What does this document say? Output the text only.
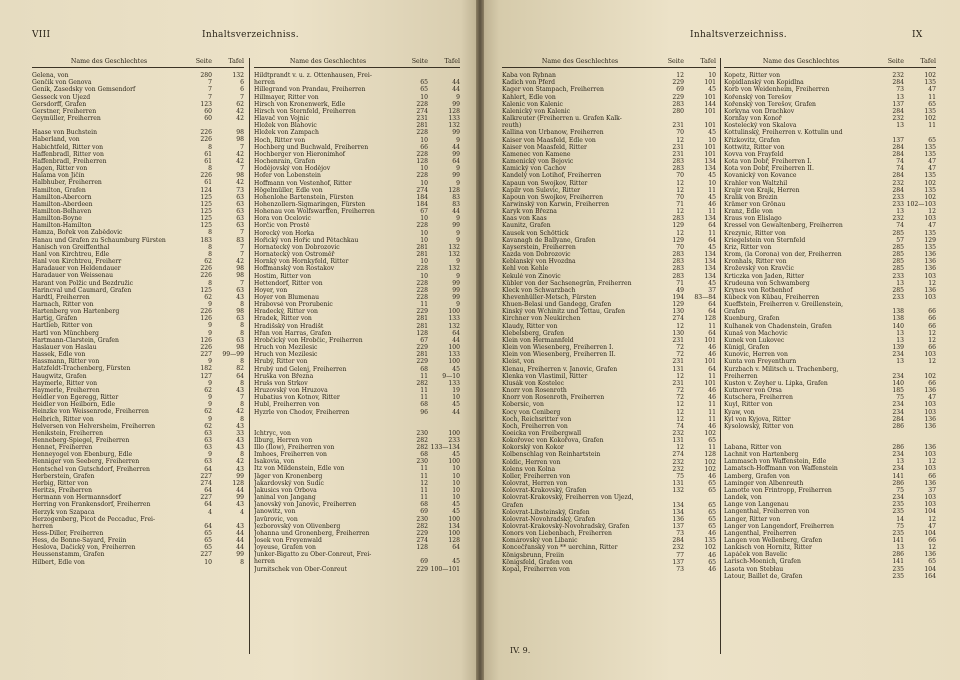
VIII	Inhaltsverzeichniss.
Name des Geschlechtes	Seite	Tafel
Gelena, von	280	132
Genčik von Genova	7	6
Genik, Zasedsky von Gemsendorf	7	6
Gesseck von Újezd	7	7
Gersdorff, Grafen	123	62
Gerstner, Freiherren	60	42
Geymüller, Freiherren	60	42
Haase von Buchstein	226	98
Haberland, von	226	98
Habichtfeld, Ritter von	8	7
Haffenbradl, Ritter von	61	42
Haffenbradl, Freiherren	61	42
Hagen, Ritter von	8	7
Halama von Jičín	226	98
Halbhuber, Freiherren	61	42
Hamilton, Grafen	124	73
Hamilton-Abercorn	125	63
Hamilton-Aberdeen	125	63
Hamilton-Belhaven	125	63
Hamilton-Boyne	125	63
Hamilton-Hamilton	125	63
Hamza, Bořek von Zabědovic	8	7
Hanau und Grafen zu Schaumburg Fürsten	183	83
Hanisch von Greiffenthal	8	7
Hanl von Kirchtreu, Edle	8	7
Hanl von Kirchtreu, Freiherr	62	42
Haradauer von Heldendauer	226	98
Haradauer von Weissenau	226	98
Harant von Polžic und Bezdružic	8	7
Harincval und Caumard, Grafen	125	63
Hardtl, Freiherren	62	43
Harnach, Ritter von	9	8
Hartenberg von Hartenberg	226	98
Hartig, Grafen	126	63
Hartlieb, Ritter von	9	8
Hartl von Münchberg	9	8
Hartmann-Clarstein, Grafen	126	63
Haslauer von Haslau	226	98
Hassek, Edle von	227	99—99
Hassmann, Ritter von	9	8
Hatzfeldt-Trachenberg, Fürsten	182	82
Haugwitz, Grafen	127	64
Haymerle, Ritter von	9	8
Haymerle, Freiherren	62	43
Heidler von Egeregg, Ritter	9	7
Heidler von Heilborn, Edle	9	8
Heinzke von Weissenrode, Freiherren	62	42
Helbrich, Ritter von	9	8
Helversen von Helversheim, Freiherren	62	43
Henikstein, Freiherren	63	33
Henneberg-Spiegel, Freiherren	63	43
Hennet, Freiherren	63	43
Henneyogel von Ebenburg, Edle	9	8
Henniger von Seeberg, Freiherren	63	42
Hentschel von Gutschdorf, Freiherren	64	43
Herberstein, Grafen	227	99
Herbig, Ritter von	274	128
Heritzs, Freiherren	64	44
Hermann von Hermannsdorf	227	99
Herring von Frankensdorf, Freiherren	64	43
Herzyk von Szapaca	4	4
Herzogenberg, Picot de Peccaduc, Frei-
herren	64	43
Hess-Diller, Freiherren	65	44
Hess, de Bonne-Sayard, Freiin	65	44
Heslova, Dačický von, Freiherren	65	44
Heussenstamm, Grafen	227	99
Hilbert, Edle von	10	8
Name des Geschlechtes	Seite	Tafel
Hildtprandt v. u. z. Ottenhausen, Frei-
herren	65	44
Hillegrand von Prandau, Freiherren	65	44
Hillmayer, Ritter von	10	9
Hirsch von Kronenwerk, Edle	228	99
Hirsch von Sternfeld, Freiherren	274	128
Hlavač von Vojnic	231	133
Hložek von Blahovic	281	132
Hložek von Zampach	228	99
Hoch, Ritter von	10	9
Hochberg und Buchwald, Freiherren	66	44
Hochberger von Hieronimhof	228	99
Hochenrain, Grafen	128	64
Hodějovský von Hodějov	10	9
Hofer von Lobenstein	228	99
Hoffmann von Vestenhof, Ritter	10	9
Högelmüller, Edle von	274	128
Hohenlohe Bartenstein, Fürsten	184	83
Hohenzollern-Sigmaringen, Fürsten	184	83
Hohenau von Wolfswarffen, Freiherren	67	44
Hora von Ocelovic	10	9
Horčic von Prostě	228	99
Horecký von Horka	10	9
Hořický von Hořic und Pětachkau	10	9
Hornatecký von Dobrozovic	281	132
Hornatecký von Ostroměř	281	132
Hornký von Hornkyfeld, Ritter	10	9
Hoffmanský von Rostakov	228	132
Hostim, Ritter von	10	9
Hettendorf, Ritter von	228	99
Hoyer, von	228	99
Hoyer von Blumenau	228	99
Hrabovsé von Prorubenic	11	9
Hradecký, Ritter von	229	100
Hradek, Ritter von	281	133
Hradišský von Hradišt	281	132
Hřan von Harras, Grafen	128	64
Hrobčický von Hrobčic, Freiherren	67	44
Hruch von Mezilesic	229	100
Hruch von Mezilesic	281	133
Hrubý, Ritter von	229	100
Hrubý und Gelenj, Freiherren	68	45
Hruška von Března	11	9—10
Hrušs von Strkov	282	133
Hruzovský von Hruzova	11	19
Hubatius von Kotnov, Ritter	11	10
Hubl, Freiherren von	68	45
Hyzrle von Chodov, Freiherren	96	44
Ichtryc, von	230	100
Ilburg, Herren von	282	233
Illo (Ilow), Freiherren von	282 133—134
Imhoes, Freiherren von	68	45
Isakovia, von	230	100
Itz von Mildenstein, Edle von	11	10
Jäger von Kronenberg	11	10
Jakardovský von Sudic	12	10
Jakusics von Orbova	11	10
Janinal von Jangang	11	10
Janovský von Janovic, Freiherren	68	45
Janowitz, von	69	45
Javůrovic, von	230	100
Jezborovský von Olivenberg	282	134
Johanna und Gronenberg, Freiherren	229	100
Josek von Freyenwald	274	128
Joyeuse, Grafen von	128	64
Junker-Bigatto zu Ober-Conreut, Frei-
herren	69	45
Jurnitschek von Ober-Conreut	229 100—101
Inhaltsverzeichniss.	IX
Name des Geschlechtes	Seite	Tafel
Kaba von Rybnan	12	10
Kadich von Pferd	229	101
Kager von Stampach, Freiherren	69	45
Kahlert, Edle von	229	101
Kalenic von Kalenic	283	144
Kalenický von Kalenic	280	101
Kalkreuter (Freiherren u. Grafen Kalk-
reuth)	231	101
Kallina von Urbanow, Freiherren	70	45
Kaiser von Maasfeld, Edle von	12	10
Kaiser von Maasfeld, Ritter	231	101
Kamenec von Kamene	231	101
Kamenický von Bejovic	283	134
Kamický von Cachov	283	134
Kandelý von Lotihof, Freiherren	70	45
Kapaun von Swojkov, Ritter	12	10
Kapilr von Sulevic, Ritter	12	11
Kapoun von Swojkov, Freiherren	70	45
Karwinský von Karwin, Freiherren	71	46
Karyk von Března	12	11
Kaas von Kaas	283	134
Kaunitz, Grafen	129	64
Kausek von Schöttick	12	11
Kavanagh de Ballyane, Grafen	129	64
Kayserstein, Freiherren	70	45
Kazda von Dobrozovic	283	134
Keblanský von Hvozdna	283	134
Kehl von Kehle	283	134
Kekulé von Zinovic	283	134
Kübler von der Sachsenegrün, Freiherren	71	45
Kleck von Schwarzbach	49	37
Khevenhüller-Metsch, Fürsten	194	83—84
Khuen-Belasi und Gandegg, Grafen	129	64
Kinský von Wchinitz und Tettau, Grafen	130	64
Kirchner von Neukirchen	274	128
Klaudy, Ritter von	12	11
Klebelsberg, Grafen	130	64
Klein von Hermannfeld	231	101
Klein von Wiesenberg, Freiherren I.	72	46
Klein von Wiesenberg, Freiherren II.	72	46
Kleist, von	231	101
Klenau, Freiherren v. Janovic, Grafen	131	64
Klenka von Vlastimil, Ritter	12	11
Klusák von Kostelec	231	101
Knorr von Rosenroth	72	46
Knorr von Rosenroth, Freiherren	72	46
Kobersic, von	12	11
Kocy von Ceniberg	12	11
Koch, Reichsritter von	12	11
Koch, Freiherren von	74	46
Koeickа von Freibergwall	232	102
Kokořovec von Kokořova, Grafen	131	65
Kokorský von Kokor	12	11
Kolbenschlag von Reinhartstein	274	128
Koldic, Herren von	232	102
Kolens von Kolna	232	102
Koller, Freiherren von	75	46
Kolovrat, Herren von	131	65
Kolovrat-Krakovský, Grafen	132	65
Kolovrat-Krakovský, Freiherren von Ujezd,
Grafen	134	65
Kolovrat-Libsteinský, Grafen	134	65
Kolovrat-Novohradský, Grafen	136	65
Kolovrat-Krakovský-Novohradský, Grafen	137	65
Konors von Liebenbach, Freiherren	73	46
Komárovský von Libanic	284	135
Koncečřanský von ** uerchinn, Ritter	232	102
Königsbrunn, Freiin	77	46
Königsfeld, Grafen von	137	65
Kopal, Freiherren von	73	46
Name des Geschlechtes	Seite	Tafel
Kopetz, Ritter von	232	102
Kopidlanský von Kopidlna	284	135
Korb von Weidenheim, Freiherren	73	47
Kořenský von Terešov	13	11
Kořenský von Terešov, Grafen	137	65
Korkyna von Drachkov	284	135
Kornfay von Konoř	232	102
Kostelecký von Skalova	13	11
Kottulinský, Freiherren v. Kottulin und
Křizkovitz, Grafen	137	65
Kottwitz, Ritter von	284	135
Kovva von Frayfeld	284	135
Kota von Dobř, Freiherren I.	74	47
Kota von Dobř, Freiherren II.	74	47
Kovanický von Kovance	284	135
Krahler von Waltzhil	232	102
Krajir von Krajk, Herren	284	135
Kralik von Brezin	233	102
Krämer von Grönau	233 102—103
Kranz, Edle von	13	12
Kraus von Elislago	232	103
Kressel von Gewaltenberg, Freiherren	74	47
Krezynic, Ritter von	285	135
Kriegelstein von Sternfeld	57	129
Kriz, Ritter von	285	135
Krom, (la Corona) von der, Freiherren	285	136
Kronhals, Ritter von	285	136
Kroževský von Kravčic	285	136
Krticzka von Jaden, Ritter	233	103
Krudeuna von Schwamberg	13	12
Krynes von Rothenhof	285	136
Kübeck von Kübau, Freiherren	233	103
Kueffstein, Freiherren v. Greillenstein,
Grafen	138	66
Kuenburg, Grafen	138	66
Kulhanek von Chadenstein, Grafen	140	66
Kunaš von Machovic	13	12
Kunek von Lukovec	13	12
Künigl, Grafen	139	66
Kunovic, Herren von	234	103
Kunta von Freyenthurn	13	12
Kurzbach v. Militsch u. Trachenberg,
Freiherren	234	102
Kuston v. Zeyher u. Lipka, Grafen	140	66
Kutnover von Orsa	185	136
Kutschera, Freiherren	75	47
Kuyl, Ritter von	234	103
Kyaw, von	234	103
Kyl von Kyjova, Ritter	284	136
Kysolowský, Ritter von	286	136
Labana, Ritter von	286	136
Lachnit von Hartenberg	234	103
Lammasch von Waffenstein, Edle	13	12
Lamatsch-Hoffmann von Waffenstein	234	103
Lamberg, Grafen von	141	66
Laminger von Albenreuth	286	136
Lamotte von Frintropp, Freiherren	75	37
Landek, von	234	103
Lange von Langenau	235	103
Langenthal, Freiherren von	235	104
Langer, Ritter von	14	12
Langer von Langendorf, Freiherren	75	47
Langenthal, Freiherren	235	104
Langen von Wellenberg, Grafen	141	66
Lankisch von Hornitz, Ritter	13	12
Lapáček von Bavelic	286	136
Larisch-Moenich, Grafen	141	65
Lasota von Stebłau	235	104
Latour, Baillet de, Grafen	235	164
IV. 9.
